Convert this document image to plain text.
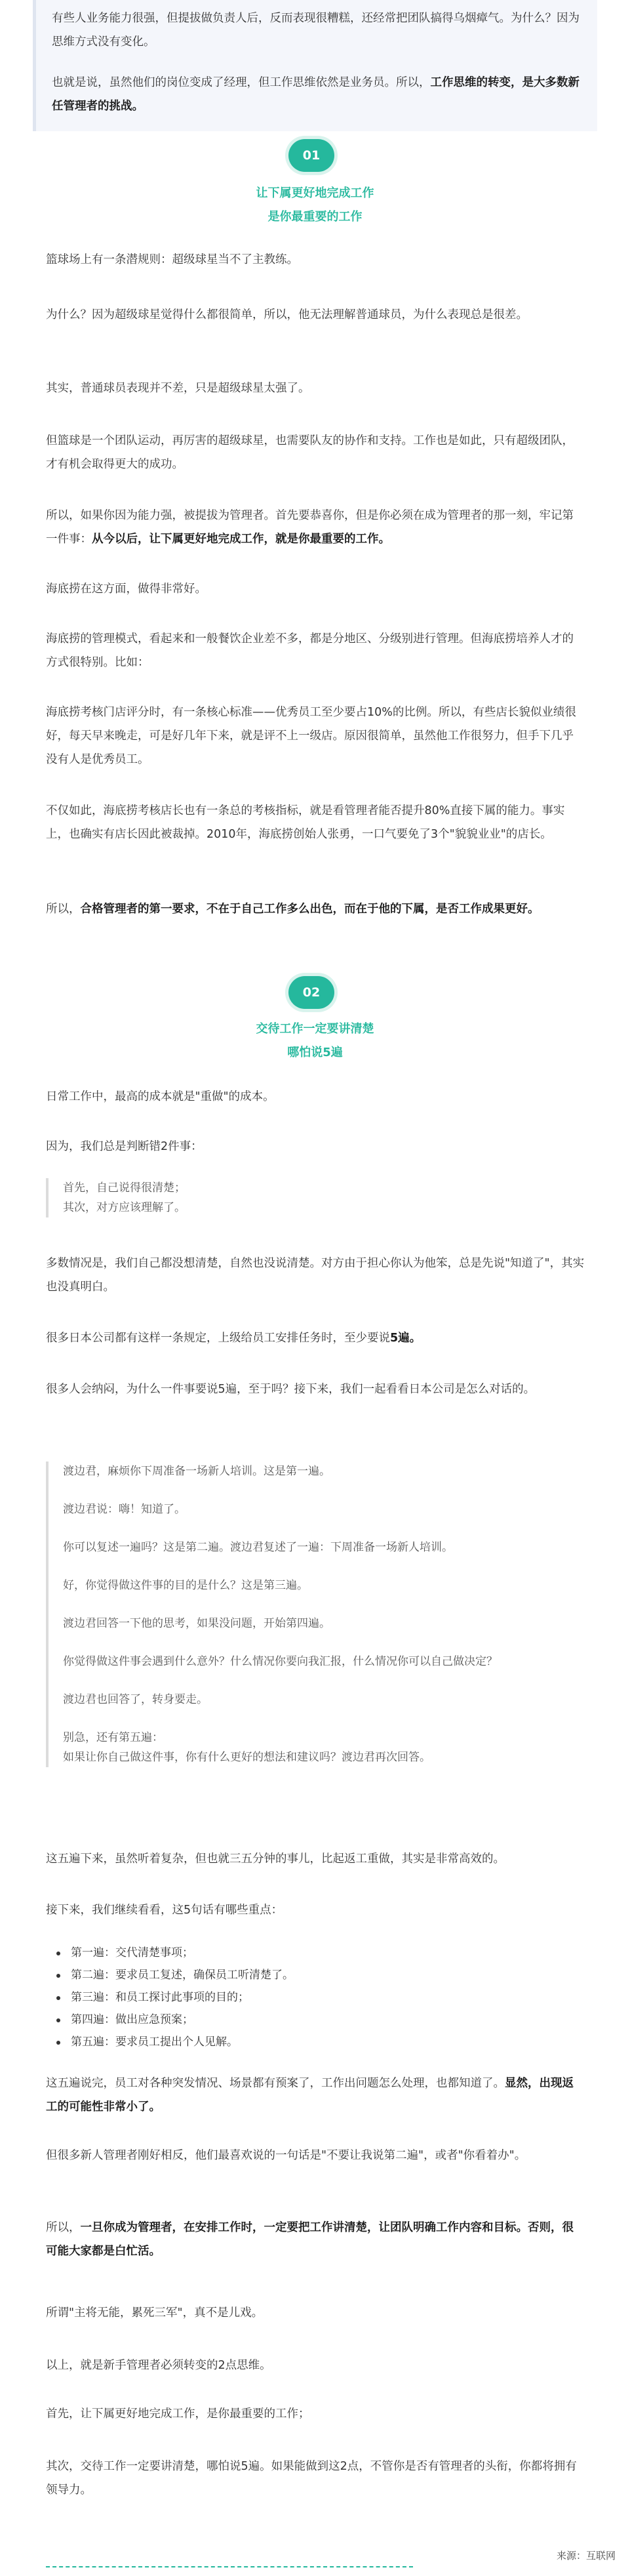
有些人业务能力很强，但提拔做负责人后，反而表现很糟糕，还经常把团队搞得乌烟瘴气。为什么？因为思维方式没有变化。

也就是说，虽然他们的岗位变成了经理，但工作思维依然是业务员。所以，工作思维的转变，是大多数新任管理者的挑战。

01
让下属更好地完成工作
是你最重要的工作

篮球场上有一条潜规则：超级球星当不了主教练。

为什么？因为超级球星觉得什么都很简单，所以，他无法理解普通球员，为什么表现总是很差。

其实，普通球员表现并不差，只是超级球星太强了。

但篮球是一个团队运动，再厉害的超级球星，也需要队友的协作和支持。工作也是如此，只有超级团队，才有机会取得更大的成功。

所以，如果你因为能力强，被提拔为管理者。首先要恭喜你，但是你必须在成为管理者的那一刻，牢记第一件事：从今以后，让下属更好地完成工作，就是你最重要的工作。

海底捞在这方面，做得非常好。

海底捞的管理模式，看起来和一般餐饮企业差不多，都是分地区、分级别进行管理。但海底捞培养人才的方式很特别。比如：

海底捞考核门店评分时，有一条核心标准——优秀员工至少要占10%的比例。所以，有些店长貌似业绩很好，每天早来晚走，可是好几年下来，就是评不上一级店。原因很简单，虽然他工作很努力，但手下几乎没有人是优秀员工。

不仅如此，海底捞考核店长也有一条总的考核指标，就是看管理者能否提升80%直接下属的能力。事实上，也确实有店长因此被裁掉。2010年，海底捞创始人张勇，一口气要免了3个"貌貌业业"的店长。

所以，合格管理者的第一要求，不在于自己工作多么出色，而在于他的下属，是否工作成果更好。

02
交待工作一定要讲清楚
哪怕说5遍

日常工作中，最高的成本就是"重做"的成本。

因为，我们总是判断错2件事：

首先，自己说得很清楚；

其次，对方应该理解了。

多数情况是，我们自己都没想清楚，自然也没说清楚。对方由于担心你认为他笨，总是先说"知道了"，其实也没真明白。

很多日本公司都有这样一条规定，上级给员工安排任务时，至少要说5遍。

很多人会纳闷，为什么一件事要说5遍，至于吗？接下来，我们一起看看日本公司是怎么对话的。

渡边君，麻烦你下周准备一场新人培训。这是第一遍。

渡边君说：嗨！知道了。

你可以复述一遍吗？这是第二遍。渡边君复述了一遍：下周准备一场新人培训。

好，你觉得做这件事的目的是什么？这是第三遍。

渡边君回答一下他的思考，如果没问题，开始第四遍。

你觉得做这件事会遇到什么意外？什么情况你要向我汇报，什么情况你可以自己做决定？

渡边君也回答了，转身要走。

别急，还有第五遍：

如果让你自己做这件事，你有什么更好的想法和建议吗？渡边君再次回答。

这五遍下来，虽然听着复杂，但也就三五分钟的事儿，比起返工重做，其实是非常高效的。

接下来，我们继续看看，这5句话有哪些重点：

第一遍：交代清楚事项；
第二遍：要求员工复述，确保员工听清楚了。
第三遍：和员工探讨此事项的目的；
第四遍：做出应急预案；
第五遍：要求员工提出个人见解。

这五遍说完，员工对各种突发情况、场景都有预案了，工作出问题怎么处理，也都知道了。显然，出现返工的可能性非常小了。

但很多新人管理者刚好相反，他们最喜欢说的一句话是"不要让我说第二遍"，或者"你看着办"。

所以，一旦你成为管理者，在安排工作时，一定要把工作讲清楚，让团队明确工作内容和目标。否则，很可能大家都是白忙活。

所谓"主将无能，累死三军"，真不是儿戏。

以上，就是新手管理者必须转变的2点思维。

首先，让下属更好地完成工作，是你最重要的工作；

其次，交待工作一定要讲清楚，哪怕说5遍。如果能做到这2点，不管你是否有管理者的头衔，你都将拥有领导力。

来源：互联网
